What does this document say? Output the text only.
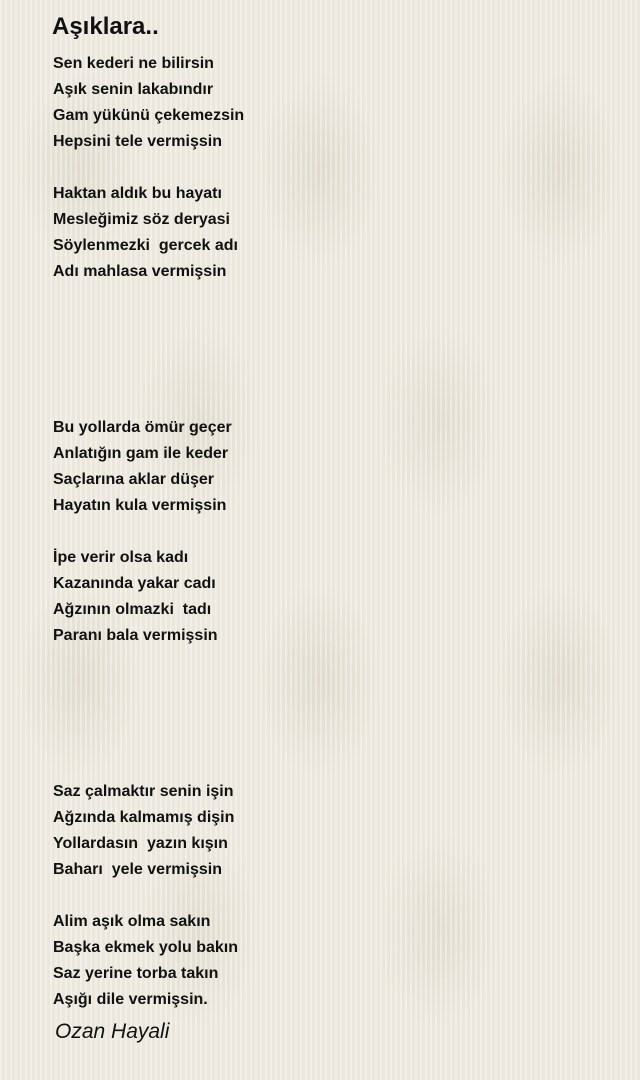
Aşıklara..
Sen kederi ne bilirsin
Aşık senin lakabındır
Gam yükünü çekemezsin
Hepsini tele vermişsin
Haktan aldık bu hayatı
Mesleğimiz söz deryasi
Söylenmezki  gercek adı
Adı mahlasa vermişsin
Bu yollarda ömür geçer
Anlatığın gam ile keder
Saçlarına aklar düşer
Hayatın kula vermişsin
İpe verir olsa kadı
Kazanında yakar cadı
Ağzının olmazki  tadı
Paranı bala vermişsin
Saz çalmaktır senin işin
Ağzında kalmamış dişin
Yollardasın  yazın kışın
Baharı  yele vermişsin
Alim aşık olma sakın
Başka ekmek yolu bakın
Saz yerine torba takın
Aşığı dile vermişsin.
Ozan Hayali
